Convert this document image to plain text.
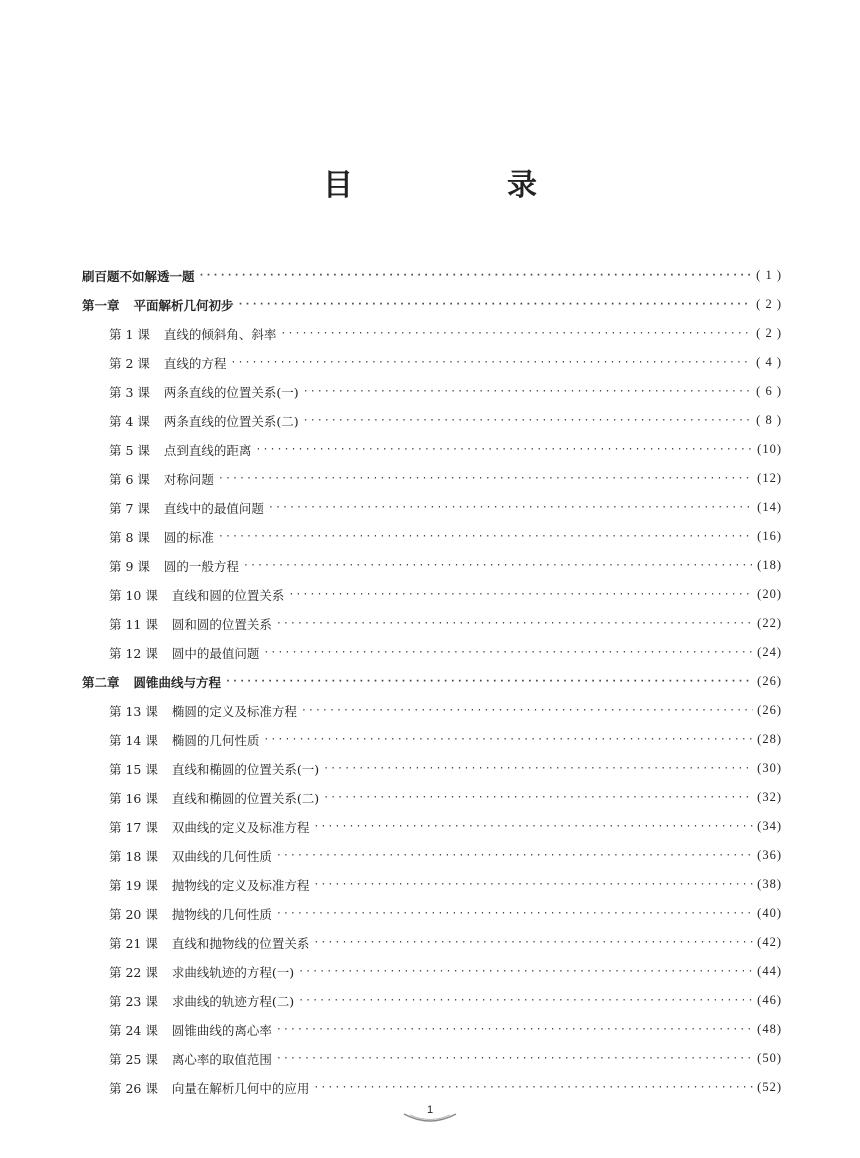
目　录
刷百题不如解透一题 ·····	( 1 )
第一章 平面解析几何初步 ·····	( 2 )
第 1 课 直线的倾斜角、斜率 ·····	( 2 )
第 2 课 直线的方程 ·····	( 4 )
第 3 课 两条直线的位置关系(一) ·····	( 6 )
第 4 课 两条直线的位置关系(二) ·····	( 8 )
第 5 课 点到直线的距离 ·····	(10)
第 6 课 对称问题 ·····	(12)
第 7 课 直线中的最值问题 ·····	(14)
第 8 课 圆的标准 ·····	(16)
第 9 课 圆的一般方程 ·····	(18)
第 10 课 直线和圆的位置关系 ·····	(20)
第 11 课 圆和圆的位置关系 ·····	(22)
第 12 课 圆中的最值问题 ·····	(24)
第二章 圆锥曲线与方程 ·····	(26)
第 13 课 椭圆的定义及标准方程 ·····	(26)
第 14 课 椭圆的几何性质 ·····	(28)
第 15 课 直线和椭圆的位置关系(一) ·····	(30)
第 16 课 直线和椭圆的位置关系(二) ·····	(32)
第 17 课 双曲线的定义及标准方程 ·····	(34)
第 18 课 双曲线的几何性质 ·····	(36)
第 19 课 抛物线的定义及标准方程 ·····	(38)
第 20 课 抛物线的几何性质 ·····	(40)
第 21 课 直线和抛物线的位置关系 ·····	(42)
第 22 课 求曲线轨迹的方程(一) ·····	(44)
第 23 课 求曲线的轨迹方程(二) ·····	(46)
第 24 课 圆锥曲线的离心率 ·····	(48)
第 25 课 离心率的取值范围 ·····	(50)
第 26 课 向量在解析几何中的应用 ·····	(52)
1
